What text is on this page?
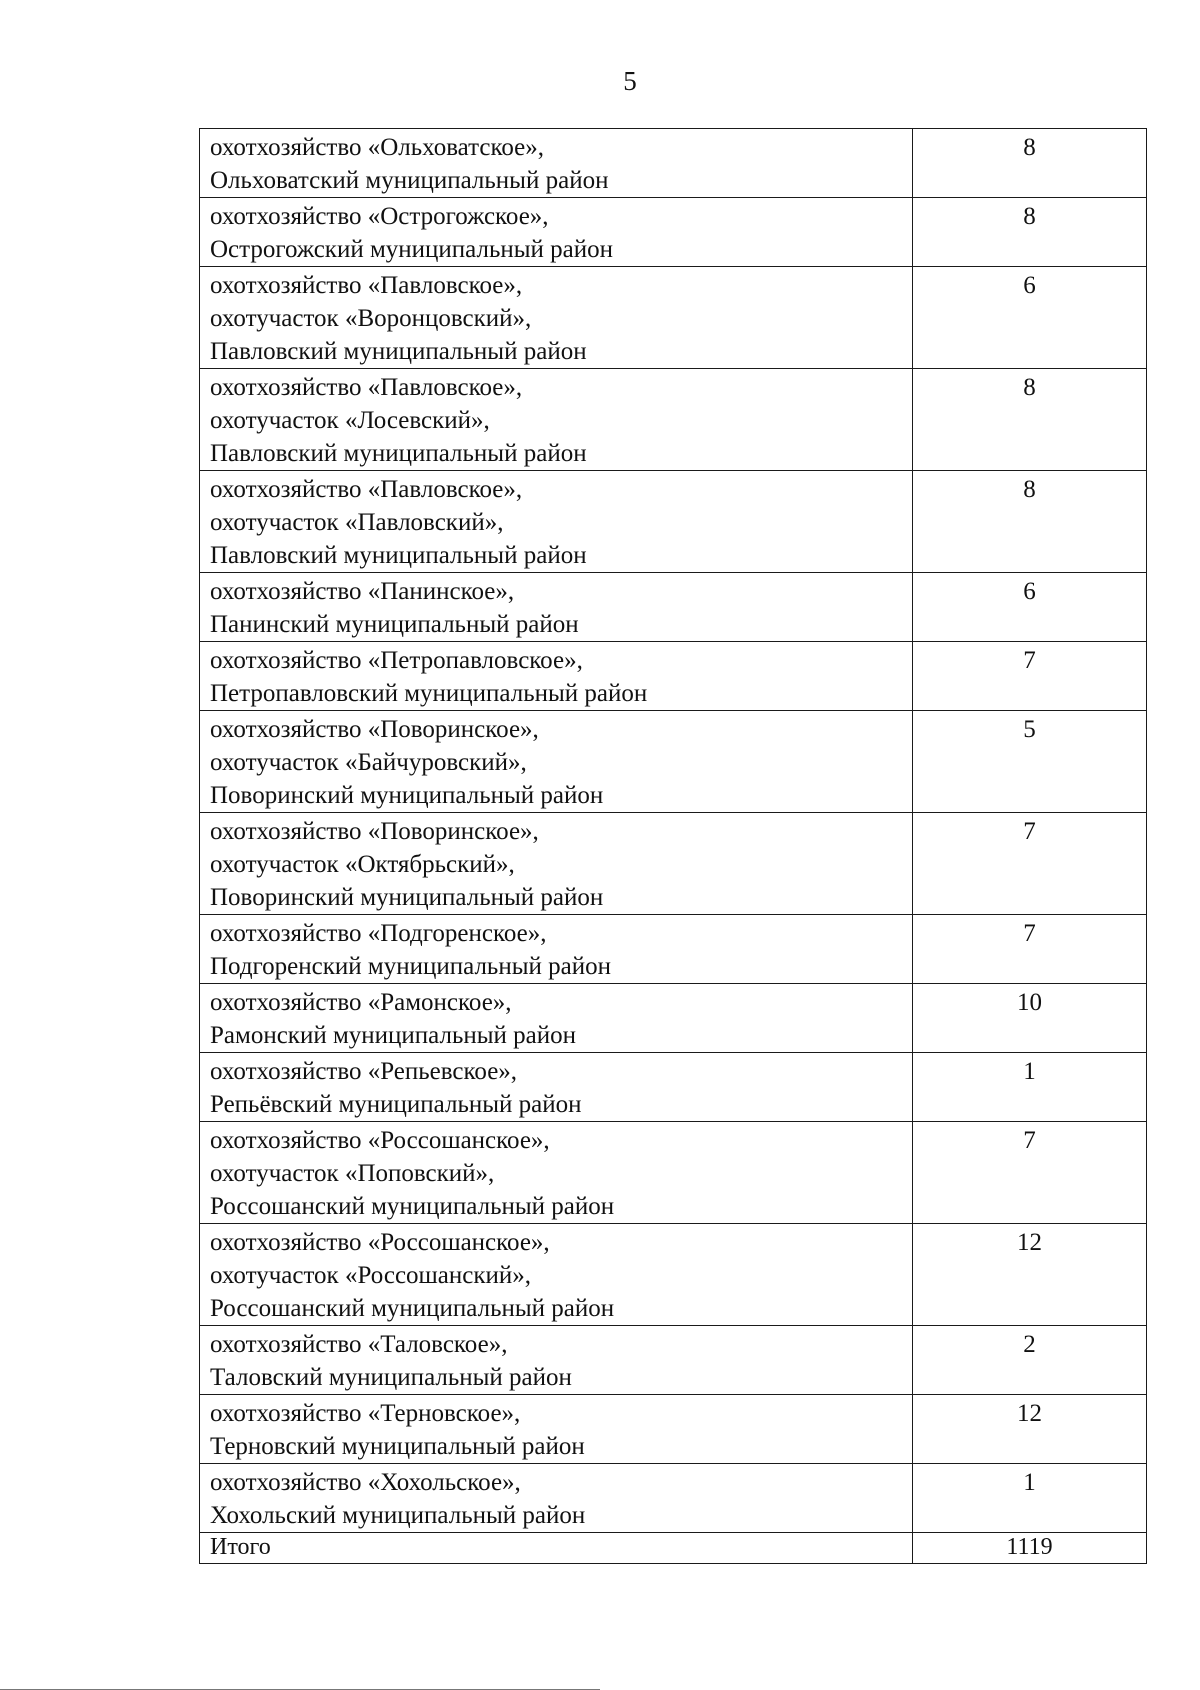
5
охотхозяйство «Ольховатское»,
Ольховатский муниципальный район	8

охотхозяйство «Острогожское»,
Острогожский муниципальный район	8

охотхозяйство «Павловское»,
охотучасток «Воронцовский»,
Павловский муниципальный район	6

охотхозяйство «Павловское»,
охотучасток «Лосевский»,
Павловский муниципальный район	8

охотхозяйство «Павловское»,
охотучасток «Павловский»,
Павловский муниципальный район	8

охотхозяйство «Панинское»,
Панинский муниципальный район	6

охотхозяйство «Петропавловское»,
Петропавловский муниципальный район	7

охотхозяйство «Поворинское»,
охотучасток «Байчуровский»,
Поворинский муниципальный район	5

охотхозяйство «Поворинское»,
охотучасток «Октябрьский»,
Поворинский муниципальный район	7

охотхозяйство «Подгоренское»,
Подгоренский муниципальный район	7

охотхозяйство «Рамонское»,
Рамонский муниципальный район	10

охотхозяйство «Репьевское»,
Репьёвский муниципальный район	1

охотхозяйство «Россошанское»,
охотучасток «Поповский»,
Россошанский муниципальный район	7

охотхозяйство «Россошанское»,
охотучасток «Россошанский»,
Россошанский муниципальный район	12

охотхозяйство «Таловское»,
Таловский муниципальный район	2

охотхозяйство «Терновское»,
Терновский муниципальный район	12

охотхозяйство «Хохольское»,
Хохольский муниципальный район	1
Итого	1119
